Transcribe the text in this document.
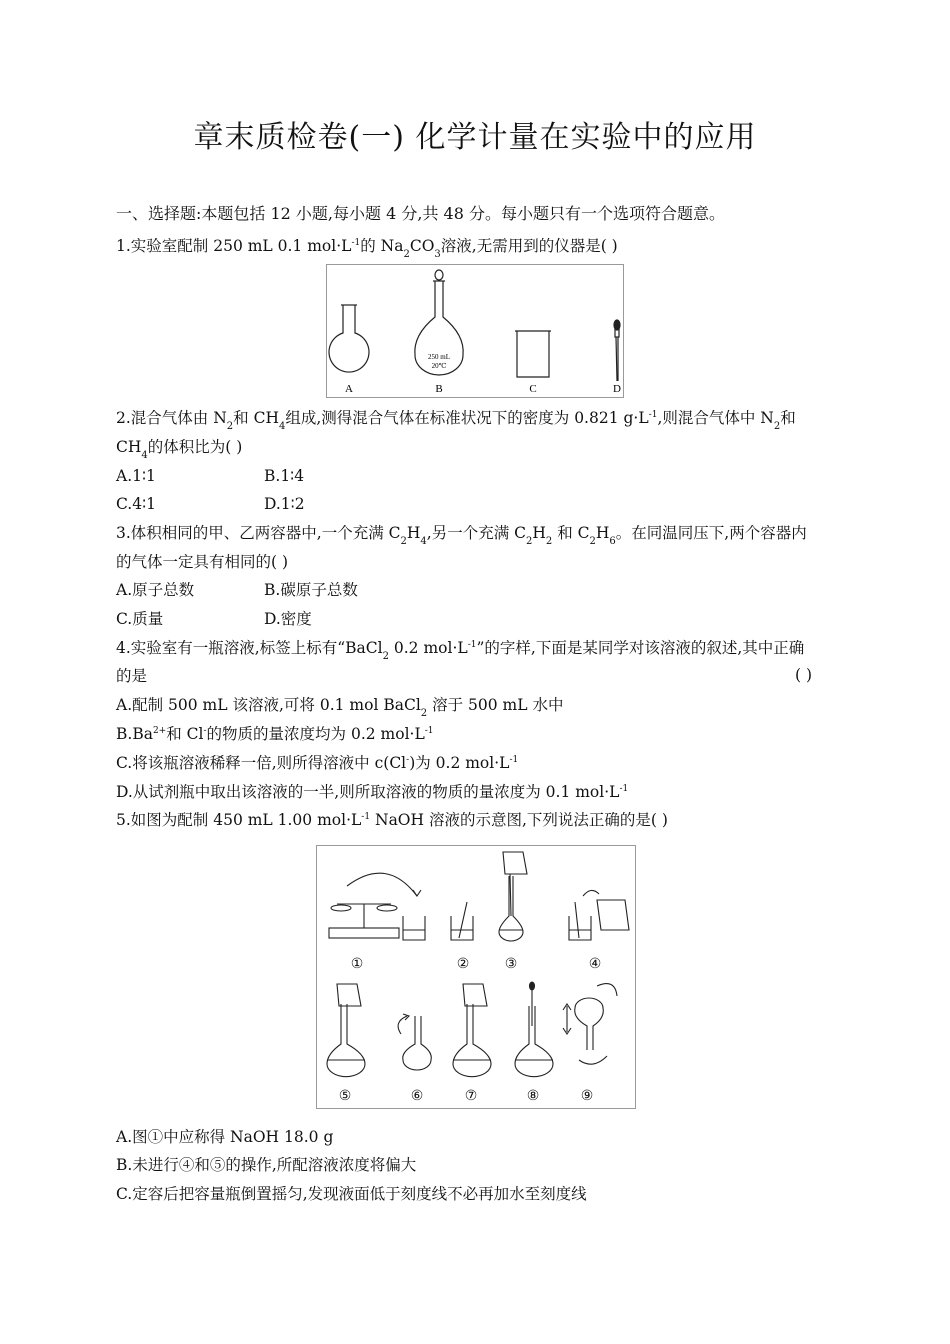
章末质检卷(一) 化学计量在实验中的应用
一、选择题:本题包括 12 小题,每小题 4 分,共 48 分。每小题只有一个选项符合题意。
1.实验室配制 250 mL 0.1 $mol\cdot L^{-1}$的 $Na_2CO_3$溶液,无需用到的仪器是( )
250 mL
20℃
A	B	C	D
2.混合气体由 $N_2$和 $CH_4$组成,测得混合气体在标准状况下的密度为 0.821 $g\cdot L^{-1}$,则混合气体中 $N_2$和
$CH_4$的体积比为( )
A.1∶1	B.1∶4
C.4∶1	D.1∶2
3.体积相同的甲、乙两容器中,一个充满 $C_2H_4$,另一个充满 $C_2H_2$ 和 $C_2H_6$。在同温同压下,两个容器内
的气体一定具有相同的( )
A.原子总数	B.碳原子总数
C.质量	D.密度
4.实验室有一瓶溶液,标签上标有“BaCl$_2$ 0.2 $mol\cdot L^{-1}$”的字样,下面是某同学对该溶液的叙述,其中正确
的是	( )
A.配制 500 mL 该溶液,可将 0.1 mol BaCl$_2$ 溶于 500 mL 水中
$B.Ba^{2+}$和 Cl-的物质的量浓度均为 0.2 $mol\cdot L^{-1}$
C.将该瓶溶液稀释一倍,则所得溶液中 c(Cl-)为 0.2 $mol\cdot L^{-1}$
D.从试剂瓶中取出该溶液的一半,则所取溶液的物质的量浓度为 0.1 $mol\cdot L^{-1}$
5.如图为配制 450 mL 1.00 $mol\cdot L^{-1}$ NaOH 溶液的示意图,下列说法正确的是( )
①	②	③	④
⑤	⑥	⑦	⑧	⑨
A.图①中应称得 NaOH 18.0 g
B.未进行④和⑤的操作,所配溶液浓度将偏大
C.定容后把容量瓶倒置摇匀,发现液面低于刻度线不必再加水至刻度线
